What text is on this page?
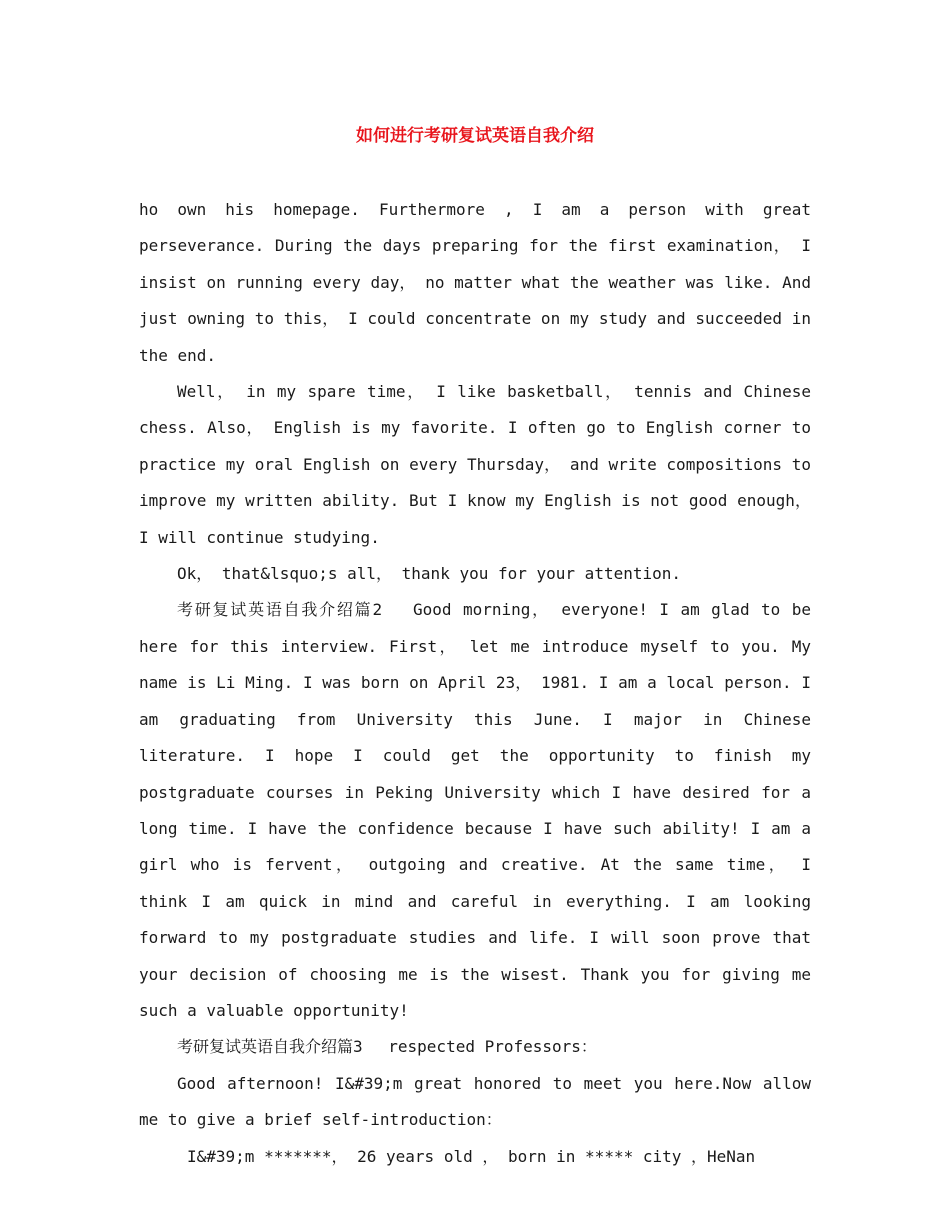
如何进行考研复试英语自我介绍

ho own his homepage. Furthermore , I am a person with great perseverance. During the days preparing for the first examination， I insist on running every day， no matter what the weather was like. And just owning to this， I could concentrate on my study and succeeded in the end.

Well， in my spare time， I like basketball， tennis and Chinese chess. Also， English is my favorite. I often go to English corner to practice my oral English on every Thursday， and write compositions to improve my written ability. But I know my English is not good enough， I will continue studying.

Ok， that&lsquo;s all， thank you for your attention.

考研复试英语自我介绍篇2　 Good morning， everyone! I am glad to be here for this interview. First， let me introduce myself to you. My name is Li Ming. I was born on April 23， 1981. I am a local person. I am graduating from University this June. I major in Chinese literature. I hope I could get the opportunity to finish my postgraduate courses in Peking University which I have desired for a long time. I have the confidence because I have such ability! I am a girl who is fervent， outgoing and creative. At the same time， I think I am quick in mind and careful in everything. I am looking forward to my postgraduate studies and life. I will soon prove that your decision of choosing me is the wisest. Thank you for giving me such a valuable opportunity!

考研复试英语自我介绍篇3　 respected Professors：

Good afternoon! I&#39;m great honored to meet you here.Now allow me to give a brief self-introduction：

I&#39;m *******， 26 years old ， born in ***** city ，HeNan
